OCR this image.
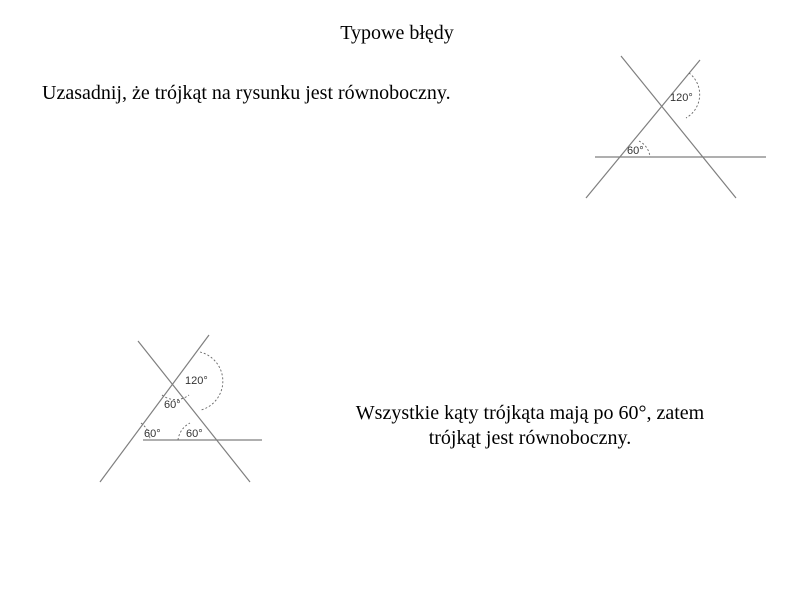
Typowe błędy
Uzasadnij, że trójkąt na rysunku jest równoboczny.	120°
60°
120°
60°
60° 60°
Wszystkie kąty trójkąta mają po 60°, zatem
trójkąt jest równoboczny.
